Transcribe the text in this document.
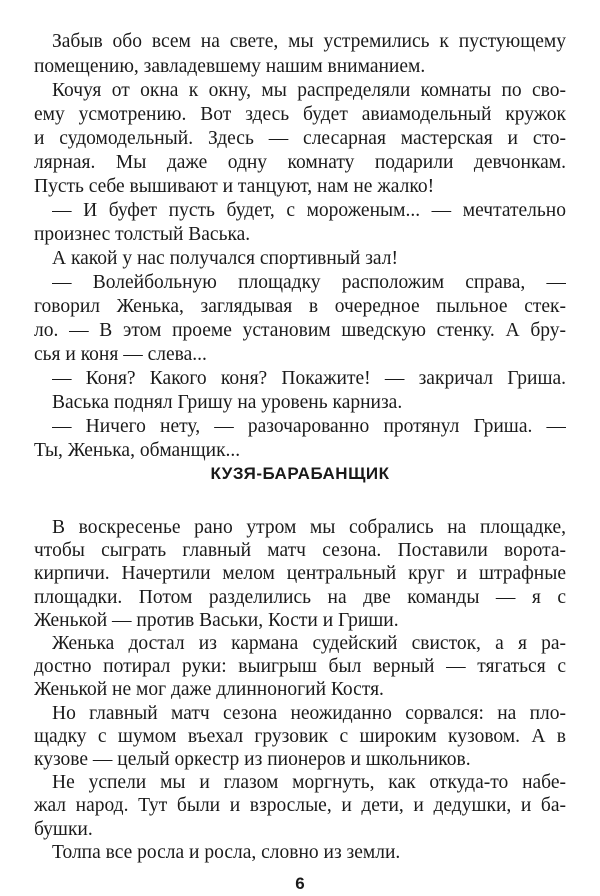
Забыв обо всем на свете, мы устремились к пустующему
помещению, завладевшему нашим вниманием.
Кочуя от окна к окну, мы распределяли комнаты по сво-
ему усмотрению. Вот здесь будет авиамодельный кружок
и судомодельный. Здесь — слесарная мастерская и сто-
лярная. Мы даже одну комнату подарили девчонкам.
Пусть себе вышивают и танцуют, нам не жалко!
— И буфет пусть будет, с мороженым... — мечтательно
произнес толстый Васька.
А какой у нас получался спортивный зал!
— Волейбольную площадку расположим справа, —
говорил Женька, заглядывая в очередное пыльное стек-
ло. — В этом проеме установим шведскую стенку. А бру-
сья и коня — слева...
— Коня? Какого коня? Покажите! — закричал Гриша.
Васька поднял Гришу на уровень карниза.
— Ничего нету, — разочарованно протянул Гриша. —
Ты, Женька, обманщик...
КУЗЯ-БАРАБАНЩИК
В воскресенье рано утром мы собрались на площадке,
чтобы сыграть главный матч сезона. Поставили ворота-
кирпичи. Начертили мелом центральный круг и штрафные
площадки. Потом разделились на две команды — я с
Женькой — против Васьки, Кости и Гриши.
Женька достал из кармана судейский свисток, а я ра-
достно потирал руки: выигрыш был верный — тягаться с
Женькой не мог даже длинноногий Костя.
Но главный матч сезона неожиданно сорвался: на пло-
щадку с шумом въехал грузовик с широким кузовом. А в
кузове — целый оркестр из пионеров и школьников.
Не успели мы и глазом моргнуть, как откуда-то набе-
жал народ. Тут были и взрослые, и дети, и дедушки, и ба-
бушки.
Толпа все росла и росла, словно из земли.
6
